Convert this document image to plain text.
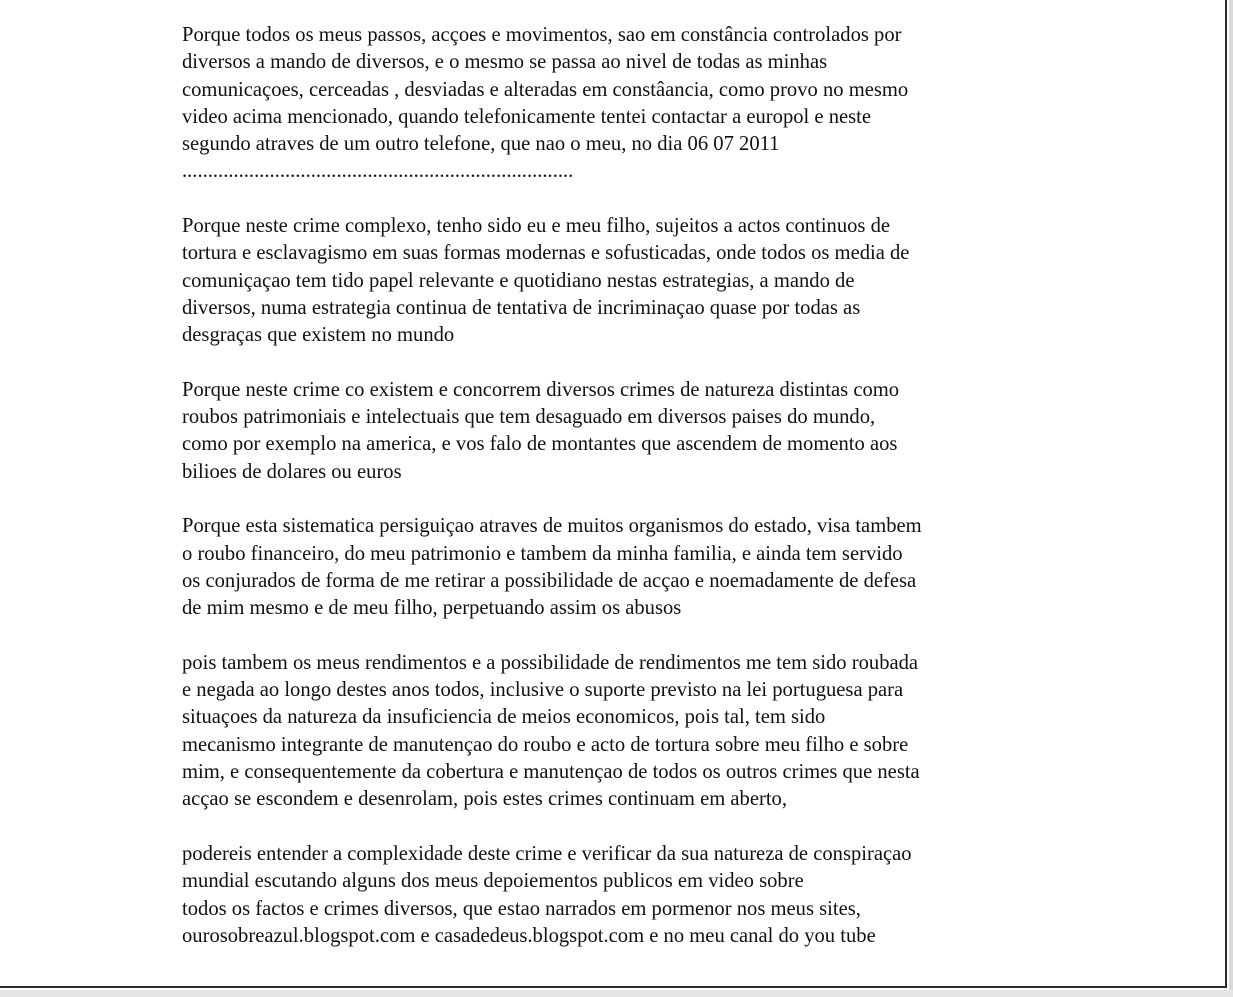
Porque todos os meus passos, acçoes e movimentos, sao em constância controlados por
diversos a mando de diversos, e o mesmo se passa ao nivel de todas as minhas
comunicaçoes, cerceadas , desviadas e alteradas em constâancia, como provo no mesmo
video acima mencionado, quando telefonicamente tentei contactar a europol e neste
segundo atraves de um outro telefone, que nao o meu, no dia 06 07 2011
............................................................................

Porque neste crime complexo, tenho sido eu e meu filho, sujeitos a actos continuos de
tortura e esclavagismo em suas formas modernas e sofusticadas, onde todos os media de
comuniçaçao tem tido papel relevante e quotidiano nestas estrategias, a mando de
diversos, numa estrategia continua de tentativa de incriminaçao quase por todas as
desgraças que existem no mundo

Porque neste crime co existem e concorrem diversos crimes de natureza distintas como
roubos patrimoniais e intelectuais que tem desaguado em diversos paises do mundo,
como por exemplo na america, e vos falo de montantes que ascendem de momento aos
bilioes de dolares ou euros

Porque esta sistematica persiguiçao atraves de muitos organismos do estado, visa tambem
o roubo financeiro, do meu patrimonio e tambem da minha familia, e ainda tem servido
os conjurados de forma de me retirar a possibilidade de acçao e noemadamente de defesa
de mim mesmo e de meu filho, perpetuando assim os abusos

pois tambem os meus rendimentos e a possibilidade de rendimentos me tem sido roubada
e negada ao longo destes anos todos, inclusive o suporte previsto na lei portuguesa para
situaçoes da natureza da insuficiencia de meios economicos, pois tal, tem sido
mecanismo integrante de manutençao do roubo e acto de tortura sobre meu filho e sobre
mim, e consequentemente da cobertura e manutençao de todos os outros crimes que nesta
acçao se escondem e desenrolam, pois estes crimes continuam em aberto,

podereis entender a complexidade deste crime e verificar da sua natureza de conspiraçao
mundial escutando alguns dos meus depoiementos publicos em video sobre
todos os factos e crimes diversos, que estao narrados em pormenor nos meus sites,
ourosobreazul.blogspot.com e casadedeus.blogspot.com e no meu canal do you tube
